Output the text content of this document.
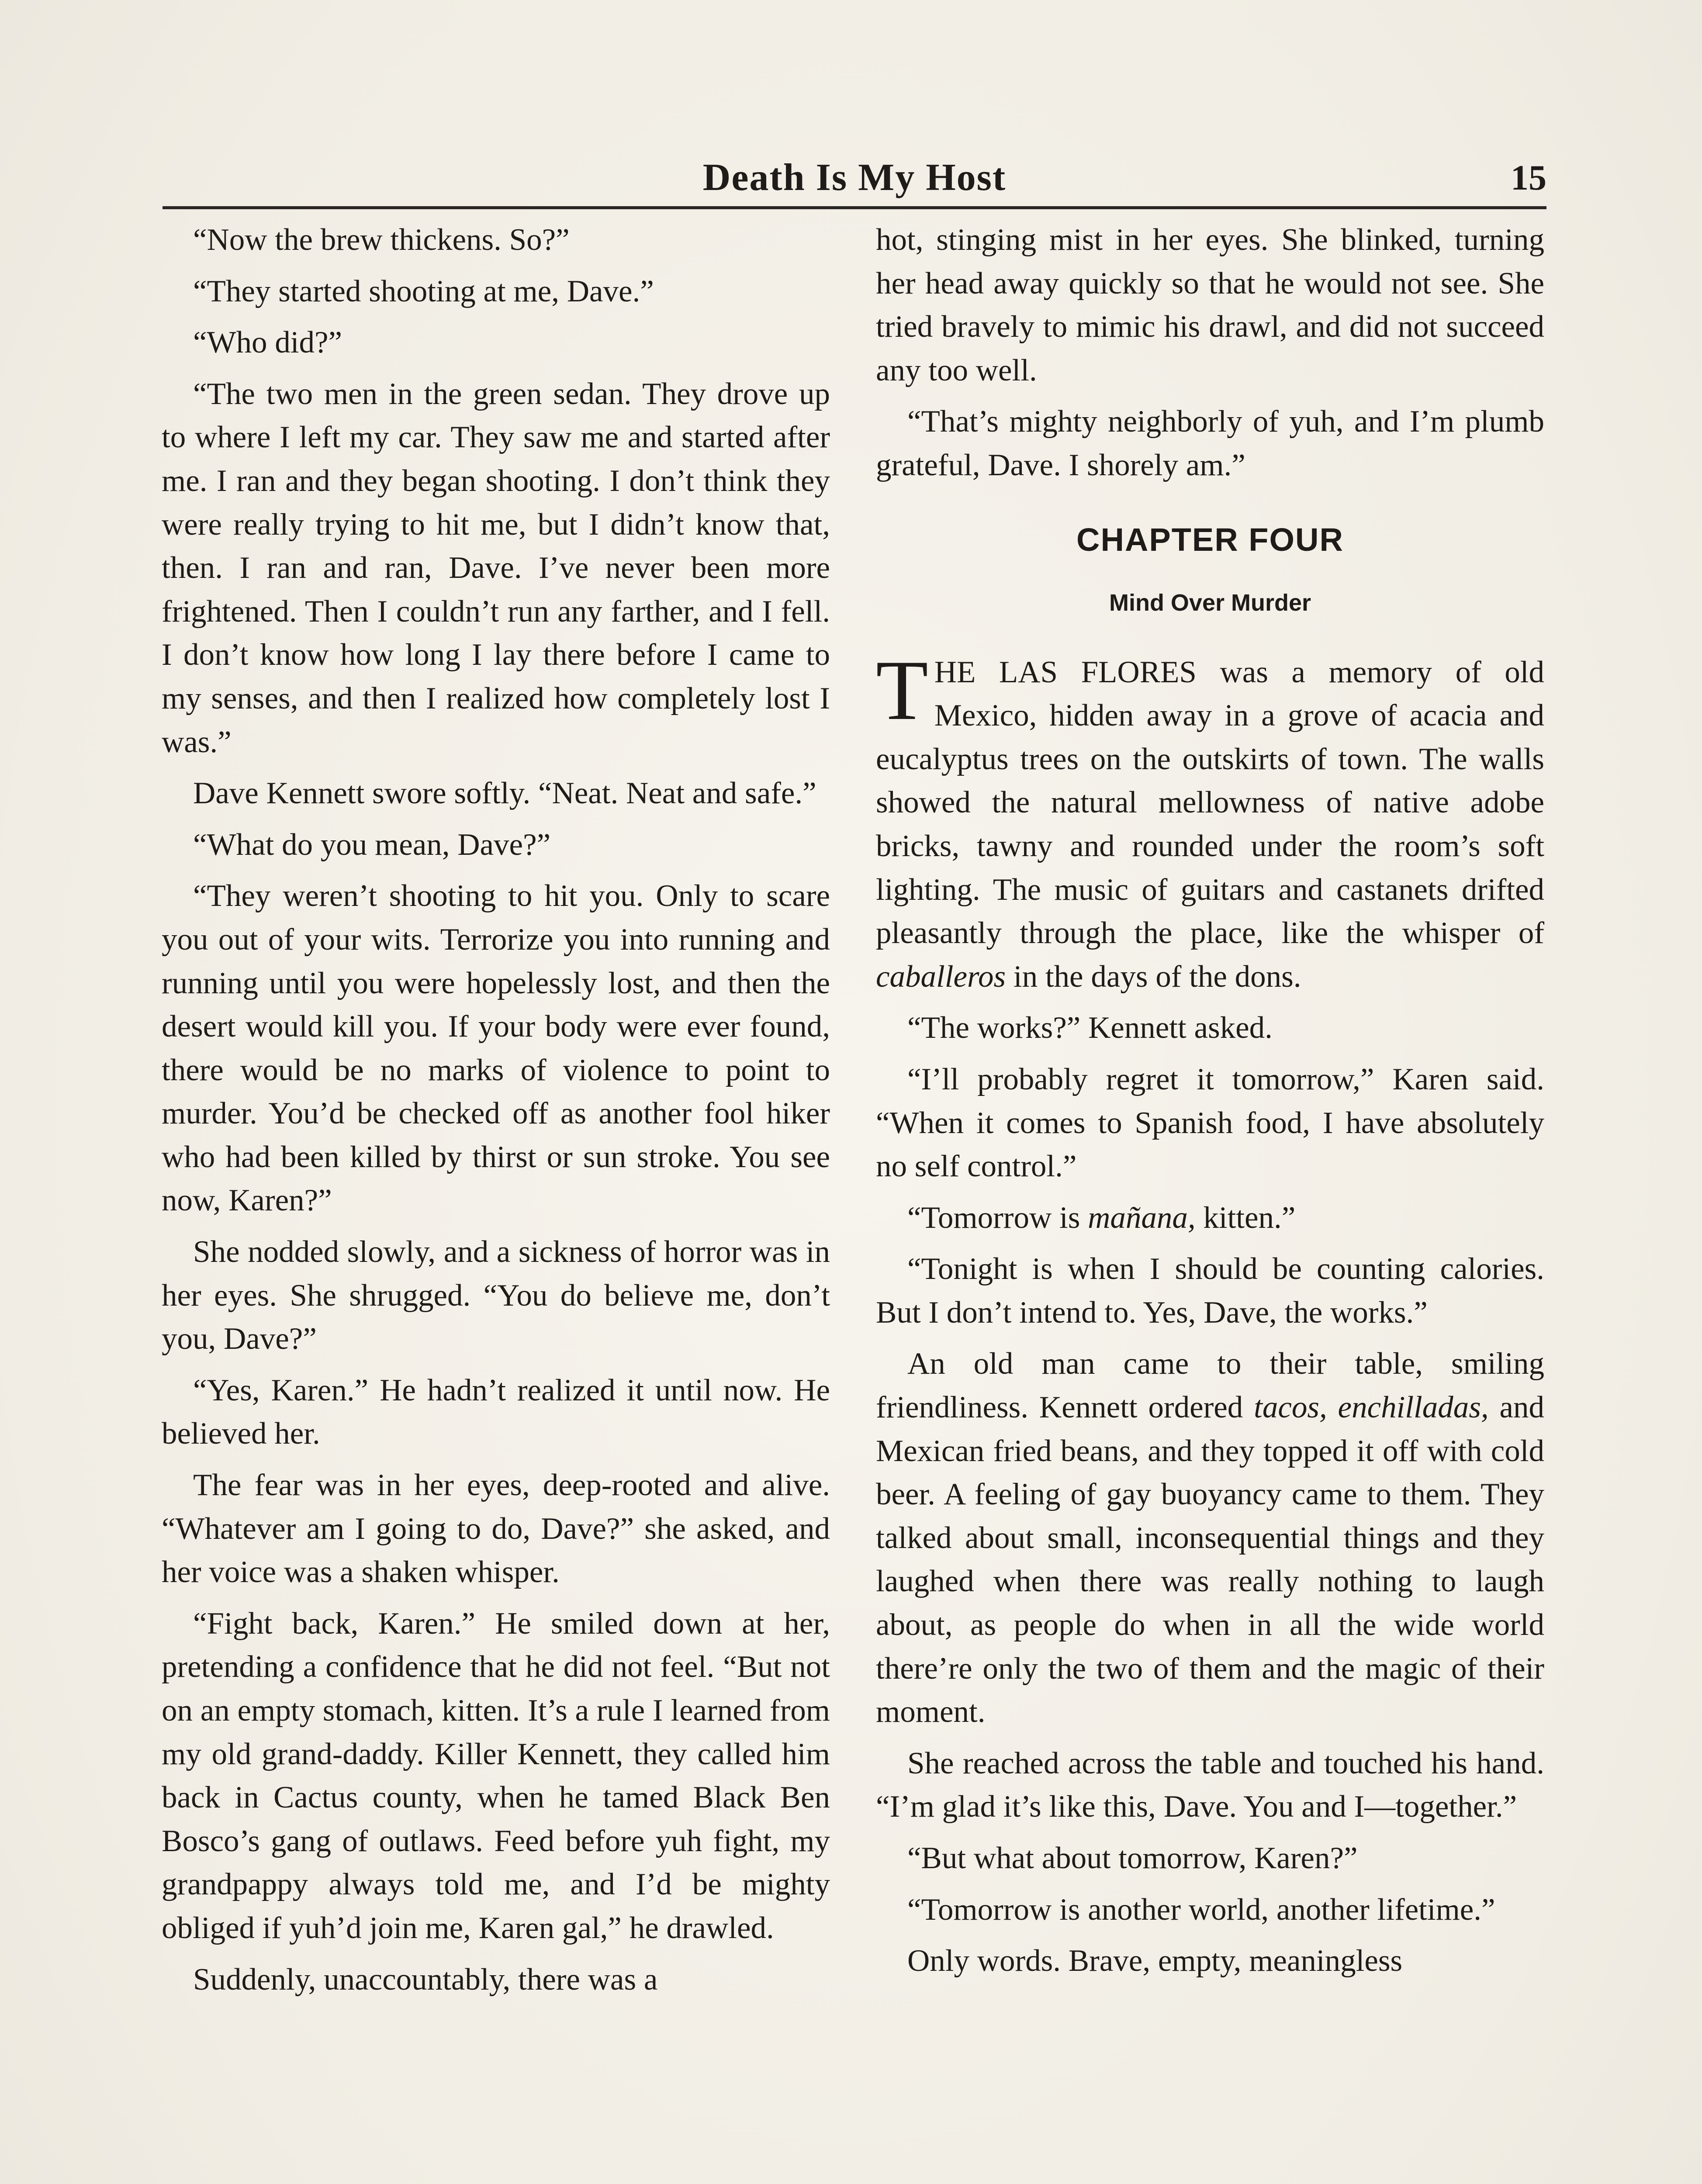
Death Is My Host	15

“Now the brew thickens. So?”

“They started shooting at me, Dave.”

“Who did?”

“The two men in the green sedan. They drove up to where I left my car. They saw me and started after me. I ran and they began shooting. I don’t think they were really trying to hit me, but I didn’t know that, then. I ran and ran, Dave. I’ve never been more frightened. Then I couldn’t run any farther, and I fell. I don’t know how long I lay there before I came to my senses, and then I realized how completely lost I was.”

Dave Kennett swore softly. “Neat. Neat and safe.”

“What do you mean, Dave?”

“They weren’t shooting to hit you. Only to scare you out of your wits. Terrorize you into running and running until you were hopelessly lost, and then the desert would kill you. If your body were ever found, there would be no marks of violence to point to murder. You’d be checked off as another fool hiker who had been killed by thirst or sun stroke. You see now, Karen?”

She nodded slowly, and a sickness of horror was in her eyes. She shrugged. “You do believe me, don’t you, Dave?”

“Yes, Karen.” He hadn’t realized it until now. He believed her.

The fear was in her eyes, deep-rooted and alive. “Whatever am I going to do, Dave?” she asked, and her voice was a shaken whisper.

“Fight back, Karen.” He smiled down at her, pretending a confidence that he did not feel. “But not on an empty stomach, kitten. It’s a rule I learned from my old grand-daddy. Killer Kennett, they called him back in Cactus county, when he tamed Black Ben Bosco’s gang of outlaws. Feed before yuh fight, my grandpappy always told me, and I’d be mighty obliged if yuh’d join me, Karen gal,” he drawled.

Suddenly, unaccountably, there was a

hot, stinging mist in her eyes. She blinked, turning her head away quickly so that he would not see. She tried bravely to mimic his drawl, and did not succeed any too well.

“That’s mighty neighborly of yuh, and I’m plumb grateful, Dave. I shorely am.”

CHAPTER FOUR
Mind Over Murder

THE LAS FLORES was a memory of old Mexico, hidden away in a grove of acacia and eucalyptus trees on the outskirts of town. The walls showed the natural mellowness of native adobe bricks, tawny and rounded under the room’s soft lighting. The music of guitars and castanets drifted pleasantly through the place, like the whisper of caballeros in the days of the dons.

“The works?” Kennett asked.

“I’ll probably regret it tomorrow,” Karen said. “When it comes to Spanish food, I have absolutely no self control.”

“Tomorrow is mañana, kitten.”

“Tonight is when I should be counting calories. But I don’t intend to. Yes, Dave, the works.”

An old man came to their table, smiling friendliness. Kennett ordered tacos, enchilladas, and Mexican fried beans, and they topped it off with cold beer. A feeling of gay buoyancy came to them. They talked about small, inconsequential things and they laughed when there was really nothing to laugh about, as people do when in all the wide world there’re only the two of them and the magic of their moment.

She reached across the table and touched his hand. “I’m glad it’s like this, Dave. You and I—together.”

“But what about tomorrow, Karen?”

“Tomorrow is another world, another lifetime.”

Only words. Brave, empty, meaningless
